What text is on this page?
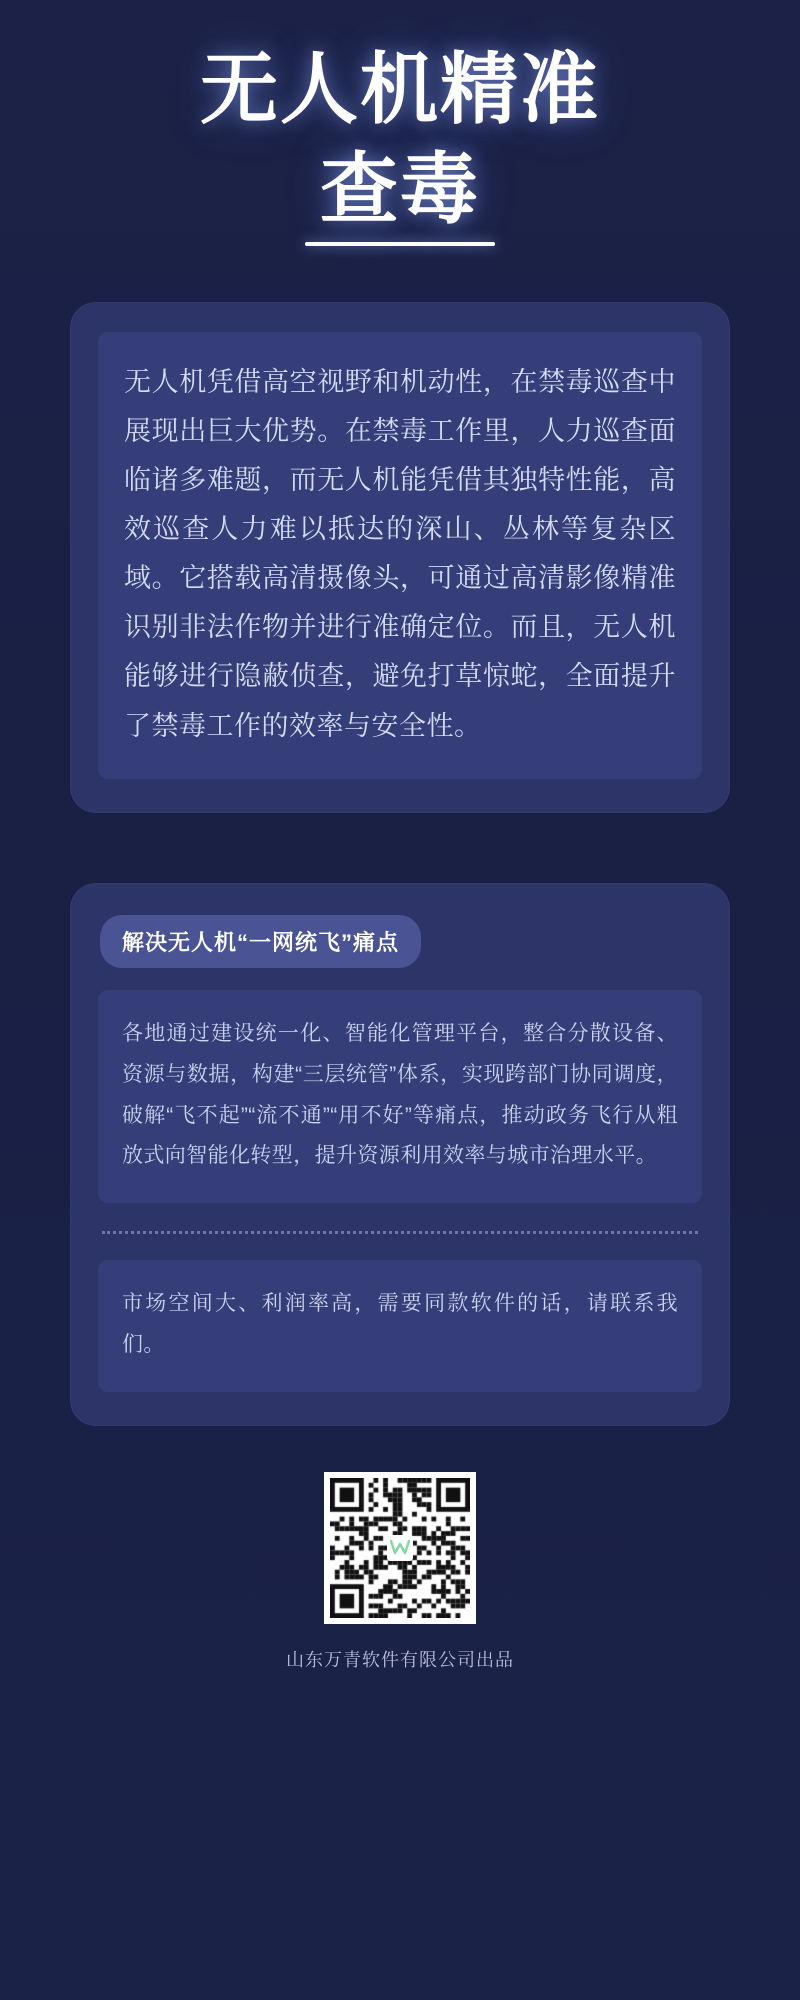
无人机精准
查毒
无人机凭借高空视野和机动性，在禁毒巡查中展现出巨大优势。在禁毒工作里，人力巡查面临诸多难题，而无人机能凭借其独特性能，高效巡查人力难以抵达的深山、丛林等复杂区域。它搭载高清摄像头，可通过高清影像精准识别非法作物并进行准确定位。而且，无人机能够进行隐蔽侦查，避免打草惊蛇，全面提升了禁毒工作的效率与安全性。
解决无人机“一网统飞”痛点
各地通过建设统一化、智能化管理平台，整合分散设备、资源与数据，构建“三层统管”体系，实现跨部门协同调度，破解“飞不起”“流不通”“用不好”等痛点，推动政务飞行从粗放式向智能化转型，提升资源利用效率与城市治理水平。
市场空间大、利润率高，需要同款软件的话，请联系我们。
山东万青软件有限公司出品
